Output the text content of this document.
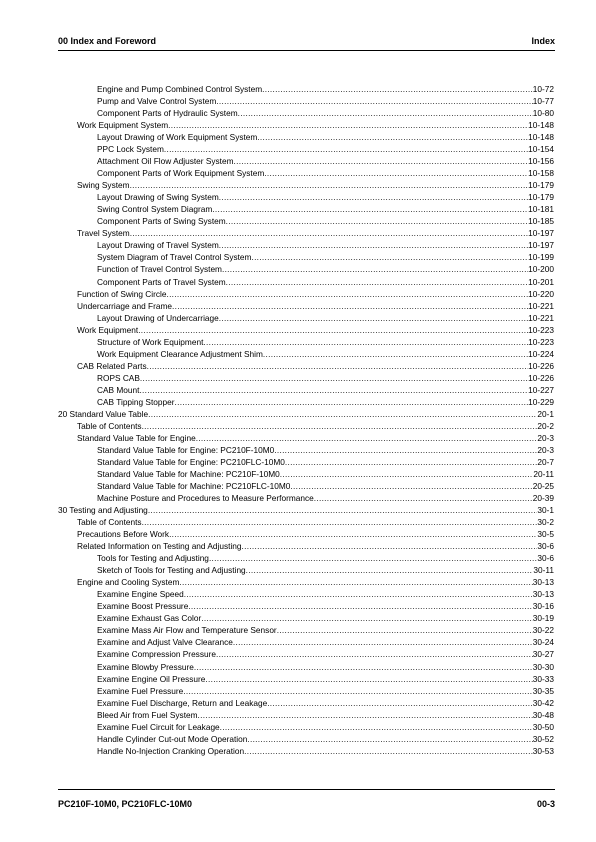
00 Index and Foreword	Index
Engine and Pump Combined Control System .....	10-72
Pump and Valve Control System .....	10-77
Component Parts of Hydraulic System .....	10-80
Work Equipment System .....	10-148
Layout Drawing of Work Equipment System .....	10-148
PPC Lock System .....	10-154
Attachment Oil Flow Adjuster System .....	10-156
Component Parts of Work Equipment System .....	10-158
Swing System .....	10-179
Layout Drawing of Swing System .....	10-179
Swing Control System Diagram .....	10-181
Component Parts of Swing System .....	10-185
Travel System .....	10-197
Layout Drawing of Travel System .....	10-197
System Diagram of Travel Control System .....	10-199
Function of Travel Control System .....	10-200
Component Parts of Travel System .....	10-201
Function of Swing Circle .....	10-220
Undercarriage and Frame .....	10-221
Layout Drawing of Undercarriage .....	10-221
Work Equipment .....	10-223
Structure of Work Equipment .....	10-223
Work Equipment Clearance Adjustment Shim .....	10-224
CAB Related Parts .....	10-226
ROPS CAB .....	10-226
CAB Mount .....	10-227
CAB Tipping Stopper .....	10-229
20 Standard Value Table .....	20-1
Table of Contents .....	20-2
Standard Value Table for Engine .....	20-3
Standard Value Table for Engine: PC210F-10M0 .....	20-3
Standard Value Table for Engine: PC210FLC-10M0 .....	20-7
Standard Value Table for Machine: PC210F-10M0 .....	20-11
Standard Value Table for Machine: PC210FLC-10M0 .....	20-25
Machine Posture and Procedures to Measure Performance .....	20-39
30 Testing and Adjusting .....	30-1
Table of Contents .....	30-2
Precautions Before Work .....	30-5
Related Information on Testing and Adjusting .....	30-6
Tools for Testing and Adjusting .....	30-6
Sketch of Tools for Testing and Adjusting .....	30-11
Engine and Cooling System .....	30-13
Examine Engine Speed .....	30-13
Examine Boost Pressure .....	30-16
Examine Exhaust Gas Color .....	30-19
Examine Mass Air Flow and Temperature Sensor .....	30-22
Examine and Adjust Valve Clearance .....	30-24
Examine Compression Pressure .....	30-27
Examine Blowby Pressure .....	30-30
Examine Engine Oil Pressure .....	30-33
Examine Fuel Pressure .....	30-35
Examine Fuel Discharge, Return and Leakage .....	30-42
Bleed Air from Fuel System .....	30-48
Examine Fuel Circuit for Leakage .....	30-50
Handle Cylinder Cut-out Mode Operation .....	30-52
Handle No-Injection Cranking Operation .....	30-53
PC210F-10M0, PC210FLC-10M0	00-3
